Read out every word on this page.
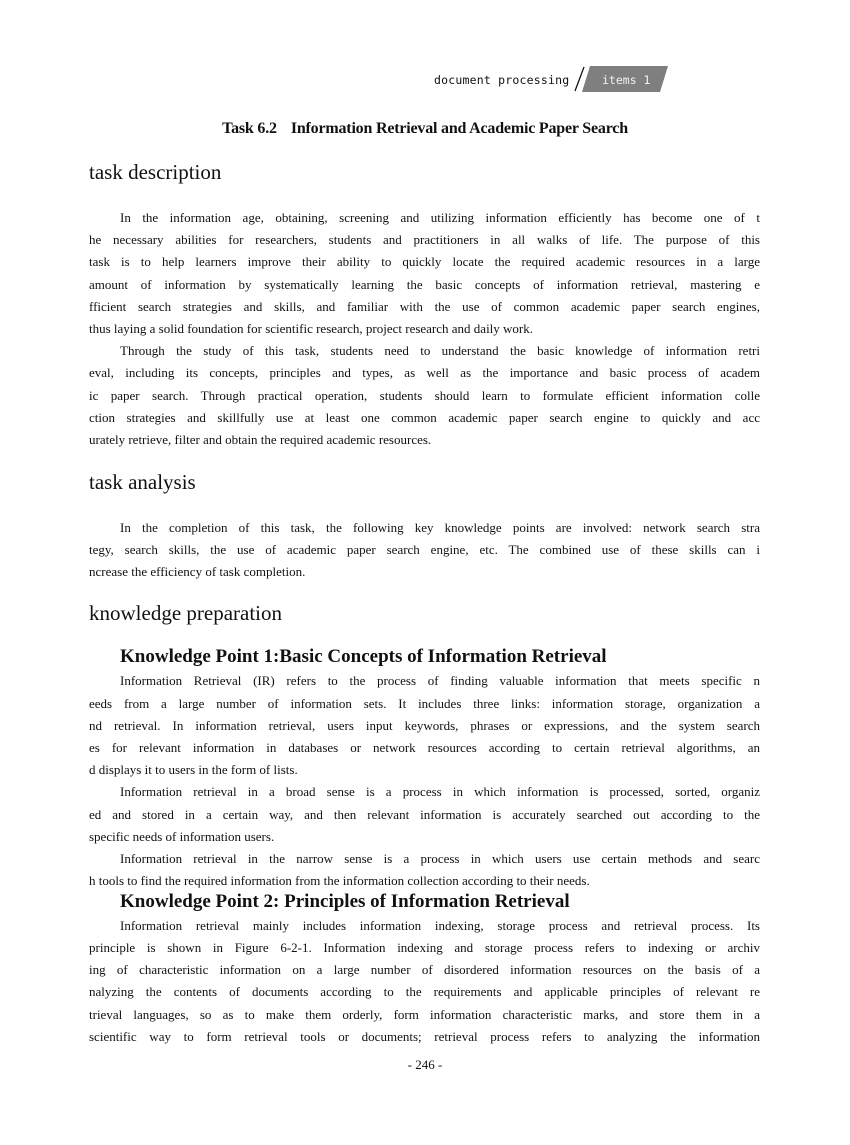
document processing	items 1
Task 6.2 Information Retrieval and Academic Paper Search
task description
In the information age, obtaining, screening and utilizing information efficiently has become one of t
he necessary abilities for researchers, students and practitioners in all walks of life. The purpose of this
task is to help learners improve their ability to quickly locate the required academic resources in a large
amount of information by systematically learning the basic concepts of information retrieval, mastering e
fficient search strategies and skills, and familiar with the use of common academic paper search engines,
thus laying a solid foundation for scientific research, project research and daily work.
Through the study of this task, students need to understand the basic knowledge of information retri
eval, including its concepts, principles and types, as well as the importance and basic process of academ
ic paper search. Through practical operation, students should learn to formulate efficient information colle
ction strategies and skillfully use at least one common academic paper search engine to quickly and acc
urately retrieve, filter and obtain the required academic resources.
task analysis
In the completion of this task, the following key knowledge points are involved: network search stra
tegy, search skills, the use of academic paper search engine, etc. The combined use of these skills can i
ncrease the efficiency of task completion.
knowledge preparation
Knowledge Point 1:Basic Concepts of Information Retrieval
Information Retrieval (IR) refers to the process of finding valuable information that meets specific n
eeds from a large number of information sets. It includes three links: information storage, organization a
nd retrieval. In information retrieval, users input keywords, phrases or expressions, and the system search
es for relevant information in databases or network resources according to certain retrieval algorithms, an
d displays it to users in the form of lists.
Information retrieval in a broad sense is a process in which information is processed, sorted, organiz
ed and stored in a certain way, and then relevant information is accurately searched out according to the
specific needs of information users.
Information retrieval in the narrow sense is a process in which users use certain methods and searc
h tools to find the required information from the information collection according to their needs.
Knowledge Point 2: Principles of Information Retrieval
Information retrieval mainly includes information indexing, storage process and retrieval process. Its
principle is shown in Figure 6-2-1. Information indexing and storage process refers to indexing or archiv
ing of characteristic information on a large number of disordered information resources on the basis of a
nalyzing the contents of documents according to the requirements and applicable principles of relevant re
trieval languages, so as to make them orderly, form information characteristic marks, and store them in a
scientific way to form retrieval tools or documents; retrieval process refers to analyzing the information
- 246 -
